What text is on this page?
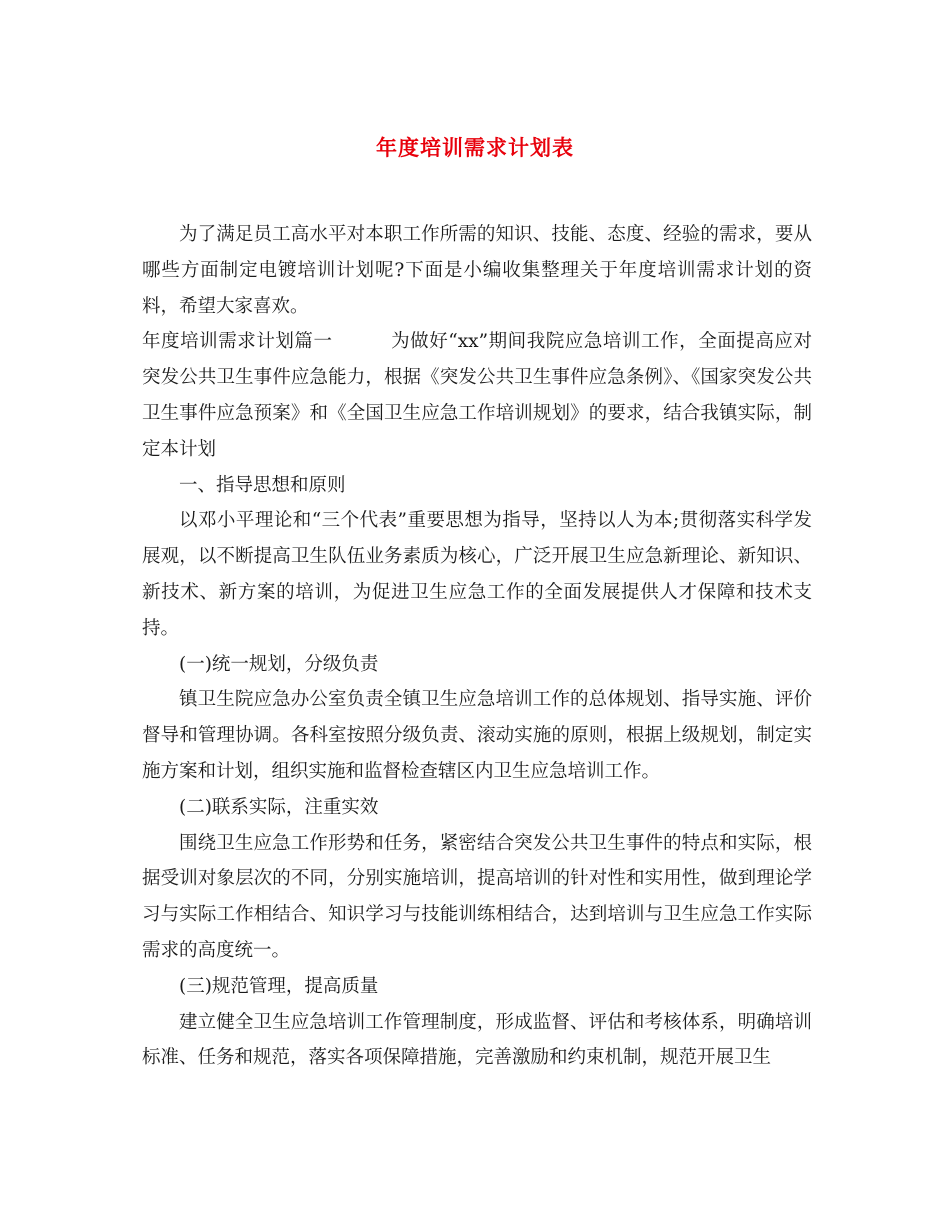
年度培训需求计划表

为了满足员工高水平对本职工作所需的知识、技能、态度、经验的需求，要从哪些方面制定电镀培训计划呢?下面是小编收集整理关于年度培训需求计划的资料，希望大家喜欢。

年度培训需求计划篇一	为做好“xx”期间我院应急培训工作，全面提高应对突发公共卫生事件应急能力，根据《突发公共卫生事件应急条例》、《国家突发公共卫生事件应急预案》和《全国卫生应急工作培训规划》的要求，结合我镇实际，制定本计划

一、指导思想和原则

以邓小平理论和“三个代表”重要思想为指导，坚持以人为本;贯彻落实科学发展观，以不断提高卫生队伍业务素质为核心，广泛开展卫生应急新理论、新知识、新技术、新方案的培训，为促进卫生应急工作的全面发展提供人才保障和技术支持。

(一)统一规划，分级负责

镇卫生院应急办公室负责全镇卫生应急培训工作的总体规划、指导实施、评价督导和管理协调。各科室按照分级负责、滚动实施的原则，根据上级规划，制定实施方案和计划，组织实施和监督检查辖区内卫生应急培训工作。

(二)联系实际，注重实效

围绕卫生应急工作形势和任务，紧密结合突发公共卫生事件的特点和实际，根据受训对象层次的不同，分别实施培训，提高培训的针对性和实用性，做到理论学习与实际工作相结合、知识学习与技能训练相结合，达到培训与卫生应急工作实际需求的高度统一。

(三)规范管理，提高质量

建立健全卫生应急培训工作管理制度，形成监督、评估和考核体系，明确培训标准、任务和规范，落实各项保障措施，完善激励和约束机制，规范开展卫生
